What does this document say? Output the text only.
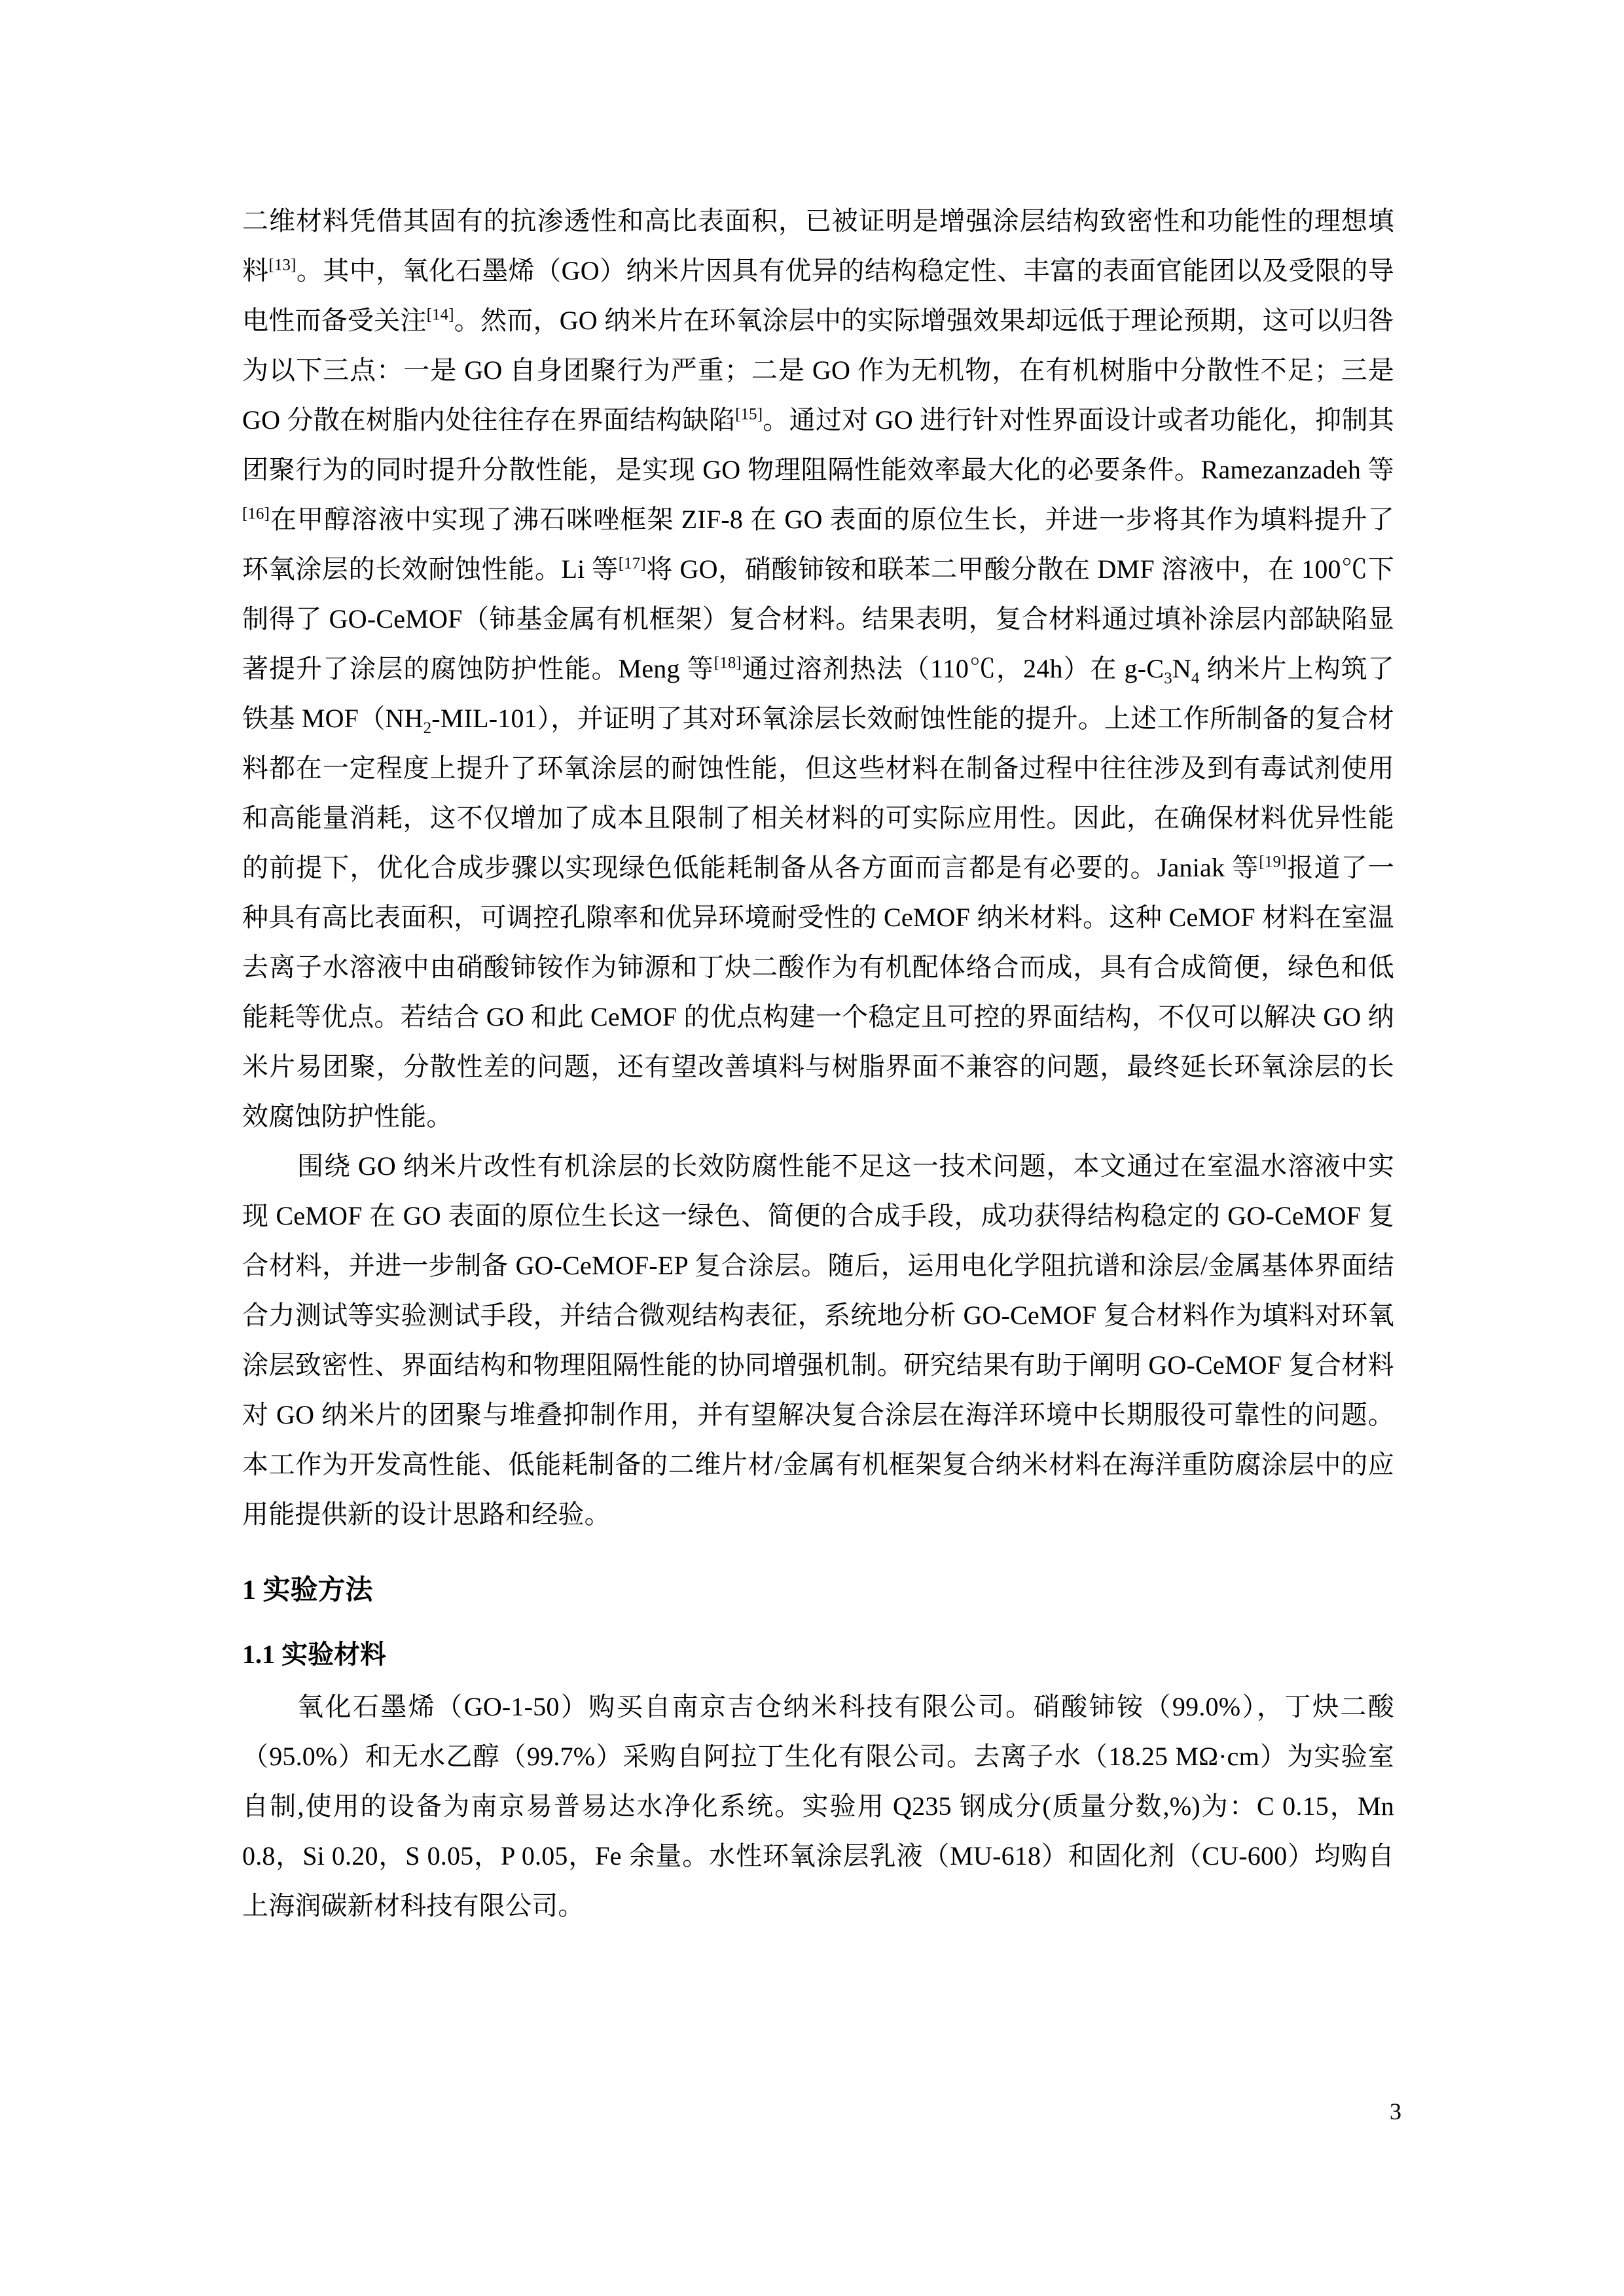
二维材料凭借其固有的抗渗透性和高比表面积，已被证明是增强涂层结构致密性和功能性的理想填料[13]。其中，氧化石墨烯（GO）纳米片因具有优异的结构稳定性、丰富的表面官能团以及受限的导电性而备受关注[14]。然而，GO 纳米片在环氧涂层中的实际增强效果却远低于理论预期，这可以归咎为以下三点：一是 GO 自身团聚行为严重；二是 GO 作为无机物，在有机树脂中分散性不足；三是 GO 分散在树脂内处往往存在界面结构缺陷[15]。通过对 GO 进行针对性界面设计或者功能化，抑制其团聚行为的同时提升分散性能，是实现 GO 物理阻隔性能效率最大化的必要条件。Ramezanzadeh 等[16]在甲醇溶液中实现了沸石咪唑框架 ZIF-8 在 GO 表面的原位生长，并进一步将其作为填料提升了环氧涂层的长效耐蚀性能。Li 等[17]将 GO，硝酸铈铵和联苯二甲酸分散在 DMF 溶液中，在 100℃下制得了 GO-CeMOF（铈基金属有机框架）复合材料。结果表明，复合材料通过填补涂层内部缺陷显著提升了涂层的腐蚀防护性能。Meng 等[18]通过溶剂热法（110℃，24h）在 $g-C_3N_4$ 纳米片上构筑了铁基 $MOF(NH_2-MIL-101)$，并证明了其对环氧涂层长效耐蚀性能的提升。上述工作所制备的复合材料都在一定程度上提升了环氧涂层的耐蚀性能，但这些材料在制备过程中往往涉及到有毒试剂使用和高能量消耗，这不仅增加了成本且限制了相关材料的可实际应用性。因此，在确保材料优异性能的前提下，优化合成步骤以实现绿色低能耗制备从各方面而言都是有必要的。Janiak 等[19]报道了一种具有高比表面积，可调控孔隙率和优异环境耐受性的 CeMOF 纳米材料。这种 CeMOF 材料在室温去离子水溶液中由硝酸铈铵作为铈源和丁炔二酸作为有机配体络合而成，具有合成简便，绿色和低能耗等优点。若结合 GO 和此 CeMOF 的优点构建一个稳定且可控的界面结构，不仅可以解决 GO 纳米片易团聚，分散性差的问题，还有望改善填料与树脂界面不兼容的问题，最终延长环氧涂层的长效腐蚀防护性能。

围绕 GO 纳米片改性有机涂层的长效防腐性能不足这一技术问题，本文通过在室温水溶液中实现 CeMOF 在 GO 表面的原位生长这一绿色、简便的合成手段，成功获得结构稳定的 GO-CeMOF 复合材料，并进一步制备 GO-CeMOF-EP 复合涂层。随后，运用电化学阻抗谱和涂层/金属基体界面结合力测试等实验测试手段，并结合微观结构表征，系统地分析 GO-CeMOF 复合材料作为填料对环氧涂层致密性、界面结构和物理阻隔性能的协同增强机制。研究结果有助于阐明 GO-CeMOF 复合材料对 GO 纳米片的团聚与堆叠抑制作用，并有望解决复合涂层在海洋环境中长期服役可靠性的问题。本工作为开发高性能、低能耗制备的二维片材/金属有机框架复合纳米材料在海洋重防腐涂层中的应用能提供新的设计思路和经验。

1 实验方法
1.1 实验材料

氧化石墨烯（GO-1-50）购买自南京吉仓纳米科技有限公司。硝酸铈铵（99.0%），丁炔二酸（95.0%）和无水乙醇（99.7%）采购自阿拉丁生化有限公司。去离子水（18.25 MΩ·cm）为实验室自制,使用的设备为南京易普易达水净化系统。实验用 Q235 钢成分(质量分数,%)为：C 0.15，Mn 0.8，Si 0.20，S 0.05，P 0.05，Fe 余量。水性环氧涂层乳液（MU-618）和固化剂（CU-600）均购自上海润碳新材科技有限公司。

3
